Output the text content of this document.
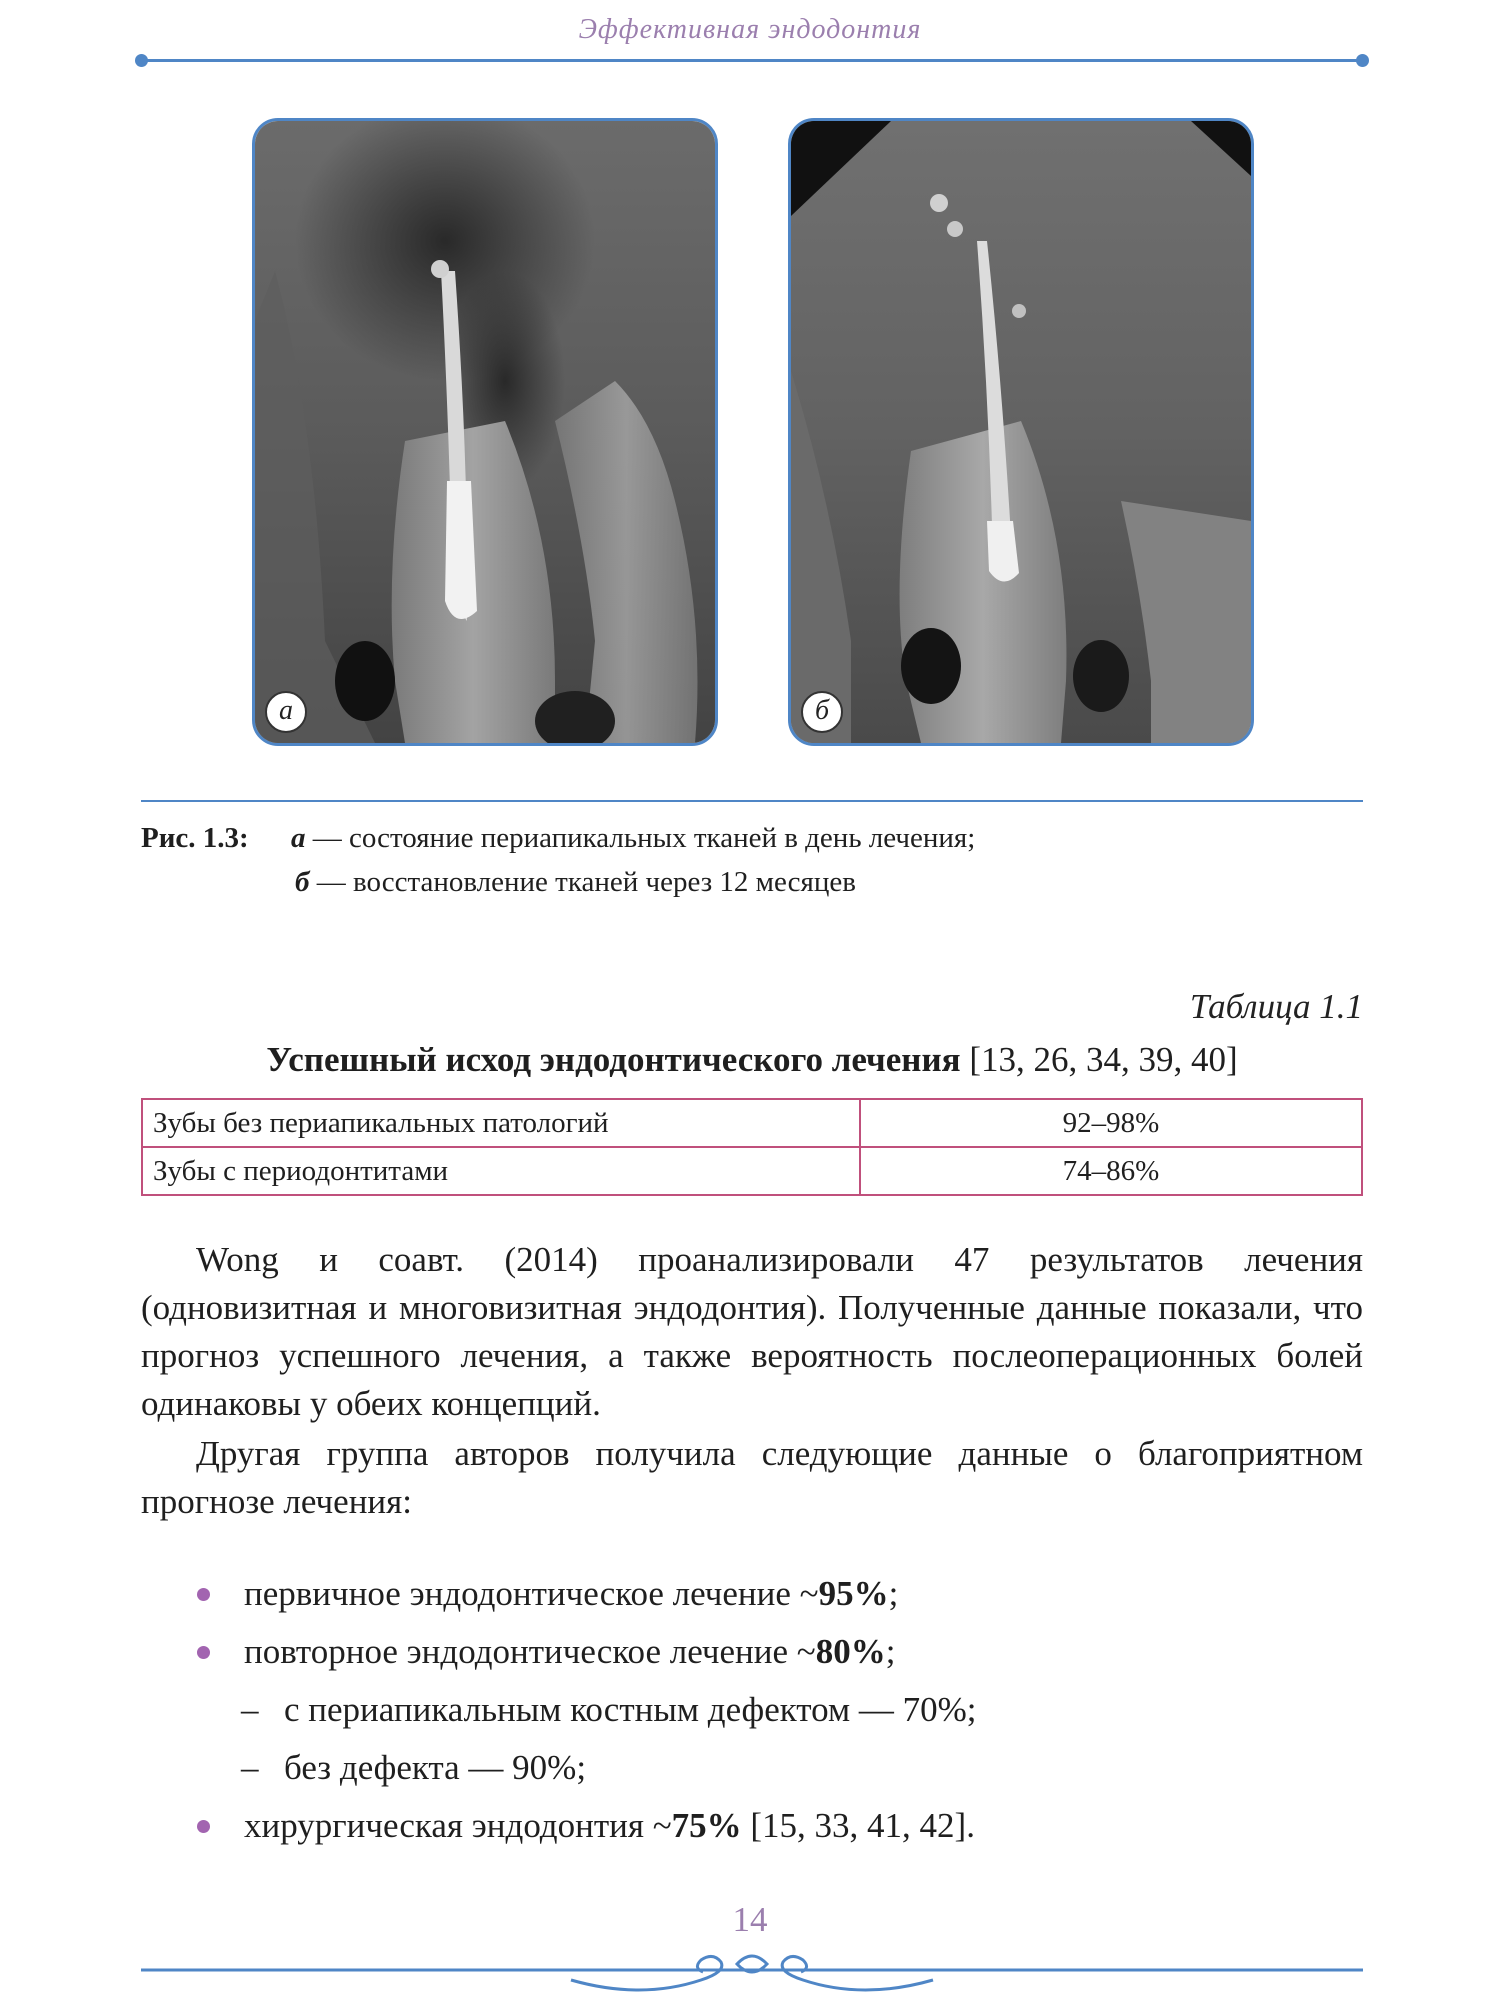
Эффективная эндодонтия
а	б
Рис. 1.3: а — состояние периапикальных тканей в день лечения;
б — восстановление тканей через 12 месяцев
Таблица 1.1
Успешный исход эндодонтического лечения [13, 26, 34, 39, 40]
Зубы без периапикальных патологий	92–98%
Зубы с периодонтитами	74–86%
Wong и соавт. (2014) проанализировали 47 результатов лечения (одновизитная и многовизитная эндодонтия). Полученные данные показали, что прогноз успешного лечения, а также вероятность послеоперационных болей одинаковы у обеих концепций.
Другая группа авторов получила следующие данные о благоприятном прогнозе лечения:
первичное эндодонтическое лечение ~95%;
повторное эндодонтическое лечение ~80%;
– с периапикальным костным дефектом — 70%;
– без дефекта — 90%;
хирургическая эндодонтия ~75% [15, 33, 41, 42].
14
